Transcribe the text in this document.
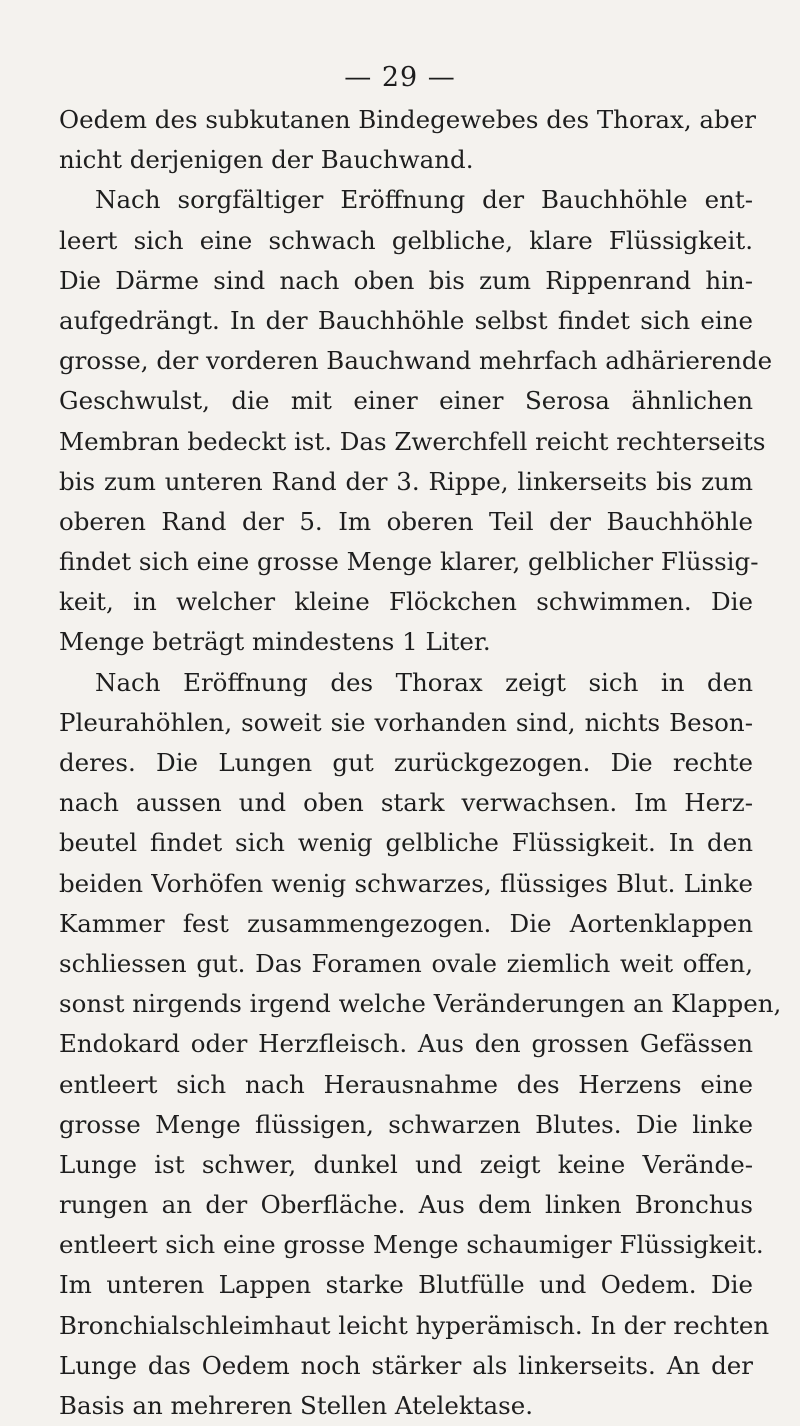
— 29 —
Oedem des subkutanen Bindegewebes des Thorax, aber
nicht derjenigen der Bauchwand.
Nach sorgfältiger Eröffnung der Bauchhöhle ent-
leert sich eine schwach gelbliche, klare Flüssigkeit.
Die Därme sind nach oben bis zum Rippenrand hin-
aufgedrängt. In der Bauchhöhle selbst findet sich eine
grosse, der vorderen Bauchwand mehrfach adhärierende
Geschwulst, die mit einer einer Serosa ähnlichen
Membran bedeckt ist. Das Zwerchfell reicht rechterseits
bis zum unteren Rand der 3. Rippe, linkerseits bis zum
oberen Rand der 5. Im oberen Teil der Bauchhöhle
findet sich eine grosse Menge klarer, gelblicher Flüssig-
keit, in welcher kleine Flöckchen schwimmen. Die
Menge beträgt mindestens 1 Liter.
Nach Eröffnung des Thorax zeigt sich in den
Pleurahöhlen, soweit sie vorhanden sind, nichts Beson-
deres. Die Lungen gut zurückgezogen. Die rechte
nach aussen und oben stark verwachsen. Im Herz-
beutel findet sich wenig gelbliche Flüssigkeit. In den
beiden Vorhöfen wenig schwarzes, flüssiges Blut. Linke
Kammer fest zusammengezogen. Die Aortenklappen
schliessen gut. Das Foramen ovale ziemlich weit offen,
sonst nirgends irgend welche Veränderungen an Klappen,
Endokard oder Herzfleisch. Aus den grossen Gefässen
entleert sich nach Herausnahme des Herzens eine
grosse Menge flüssigen, schwarzen Blutes. Die linke
Lunge ist schwer, dunkel und zeigt keine Verände-
rungen an der Oberfläche. Aus dem linken Bronchus
entleert sich eine grosse Menge schaumiger Flüssigkeit.
Im unteren Lappen starke Blutfülle und Oedem. Die
Bronchialschleimhaut leicht hyperämisch. In der rechten
Lunge das Oedem noch stärker als linkerseits. An der
Basis an mehreren Stellen Atelektase.
